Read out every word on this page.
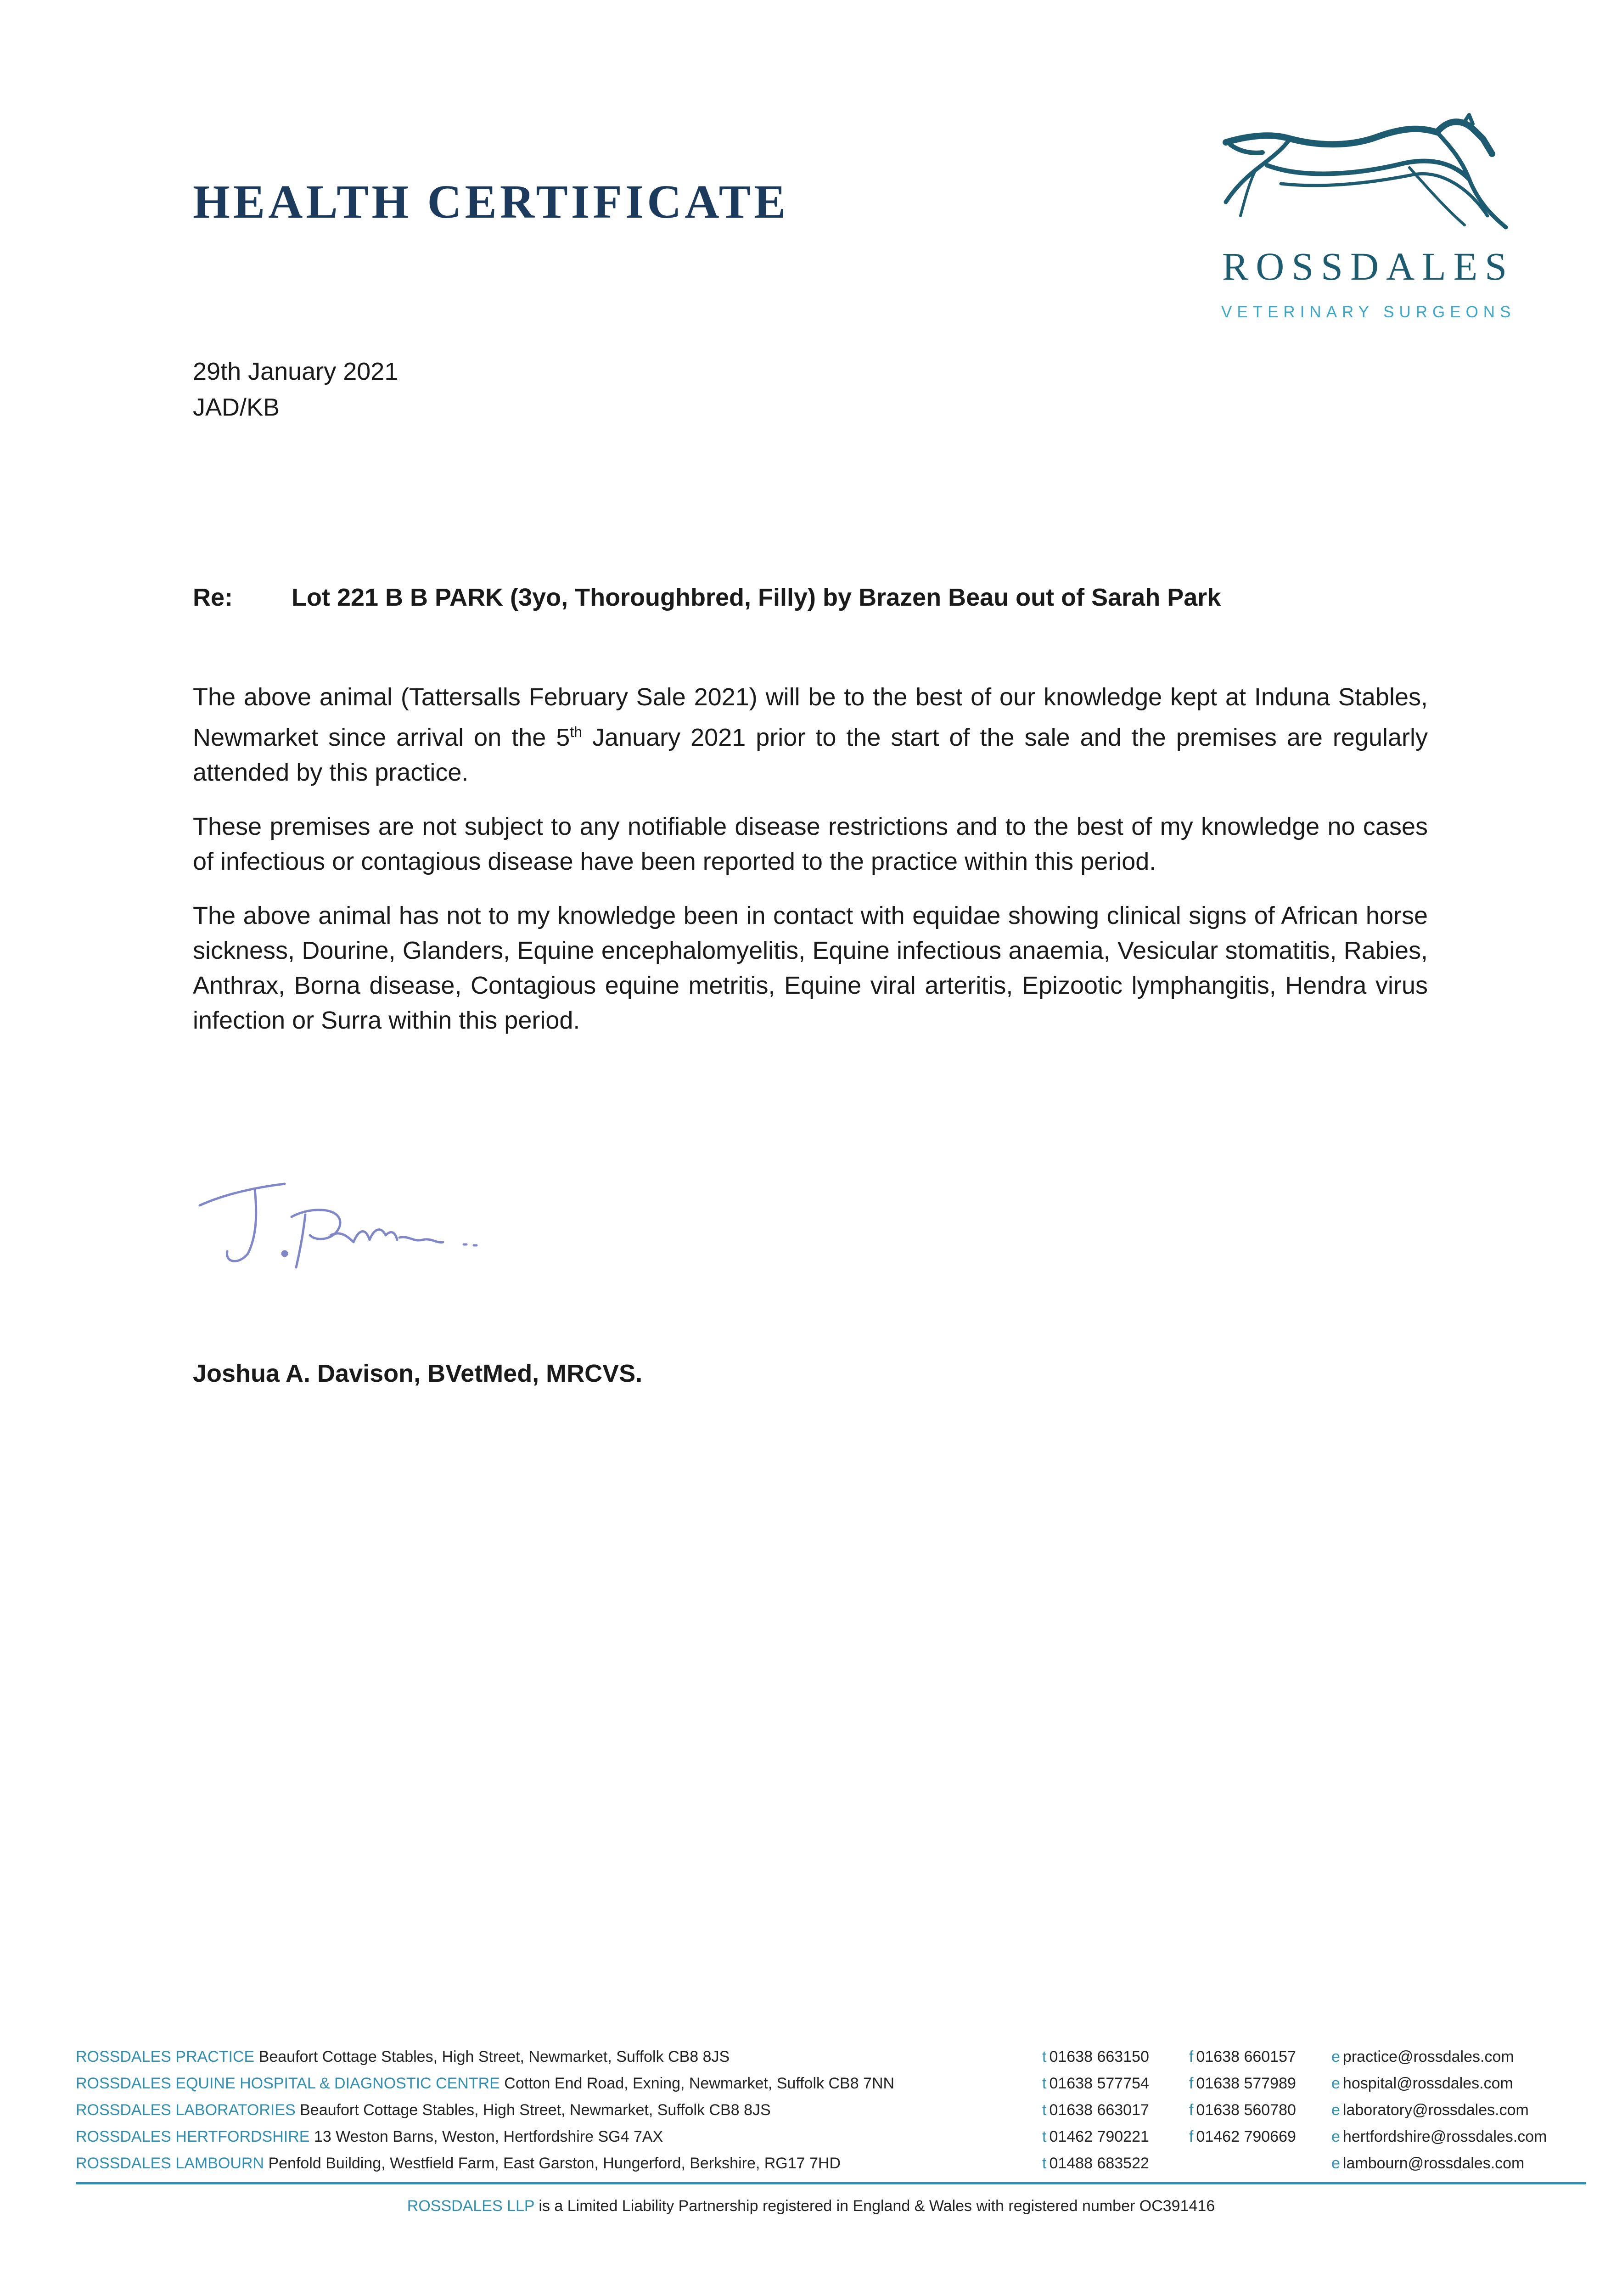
HEALTH CERTIFICATE
ROSSDALES
VETERINARY SURGEONS
29th January 2021
JAD/KB
Re: Lot 221 B B PARK (3yo, Thoroughbred, Filly) by Brazen Beau out of Sarah Park

The above animal (Tattersalls February Sale 2021) will be to the best of our knowledge kept at Induna Stables, Newmarket since arrival on the 5th January 2021 prior to the start of the sale and the premises are regularly attended by this practice.

These premises are not subject to any notifiable disease restrictions and to the best of my knowledge no cases of infectious or contagious disease have been reported to the practice within this period.

The above animal has not to my knowledge been in contact with equidae showing clinical signs of African horse sickness, Dourine, Glanders, Equine encephalomyelitis, Equine infectious anaemia, Vesicular stomatitis, Rabies, Anthrax, Borna disease, Contagious equine metritis, Equine viral arteritis, Epizootic lymphangitis, Hendra virus infection or Surra within this period.

Joshua A. Davison, BVetMed, MRCVS.
ROSSDALES PRACTICE Beaufort Cottage Stables, High Street, Newmarket, Suffolk CB8 8JS	t 01638 663150	f 01638 660157 e practice@rossdales.com
ROSSDALES EQUINE HOSPITAL & DIAGNOSTIC CENTRE Cotton End Road, Exning, Newmarket, Suffolk CB8 7NN	t 01638 577754	f 01638 577989 e hospital@rossdales.com
ROSSDALES LABORATORIES Beaufort Cottage Stables, High Street, Newmarket, Suffolk CB8 8JS	t 01638 663017	f 01638 560780 e laboratory@rossdales.com
ROSSDALES HERTFORDSHIRE 13 Weston Barns, Weston, Hertfordshire SG4 7AX	t 01462 790221	f 01462 790669 e hertfordshire@rossdales.com
ROSSDALES LAMBOURN Penfold Building, Westfield Farm, East Garston, Hungerford, Berkshire, RG17 7HD	t 01488 683522	e lambourn@rossdales.com
ROSSDALES LLP is a Limited Liability Partnership registered in England & Wales with registered number OC391416
